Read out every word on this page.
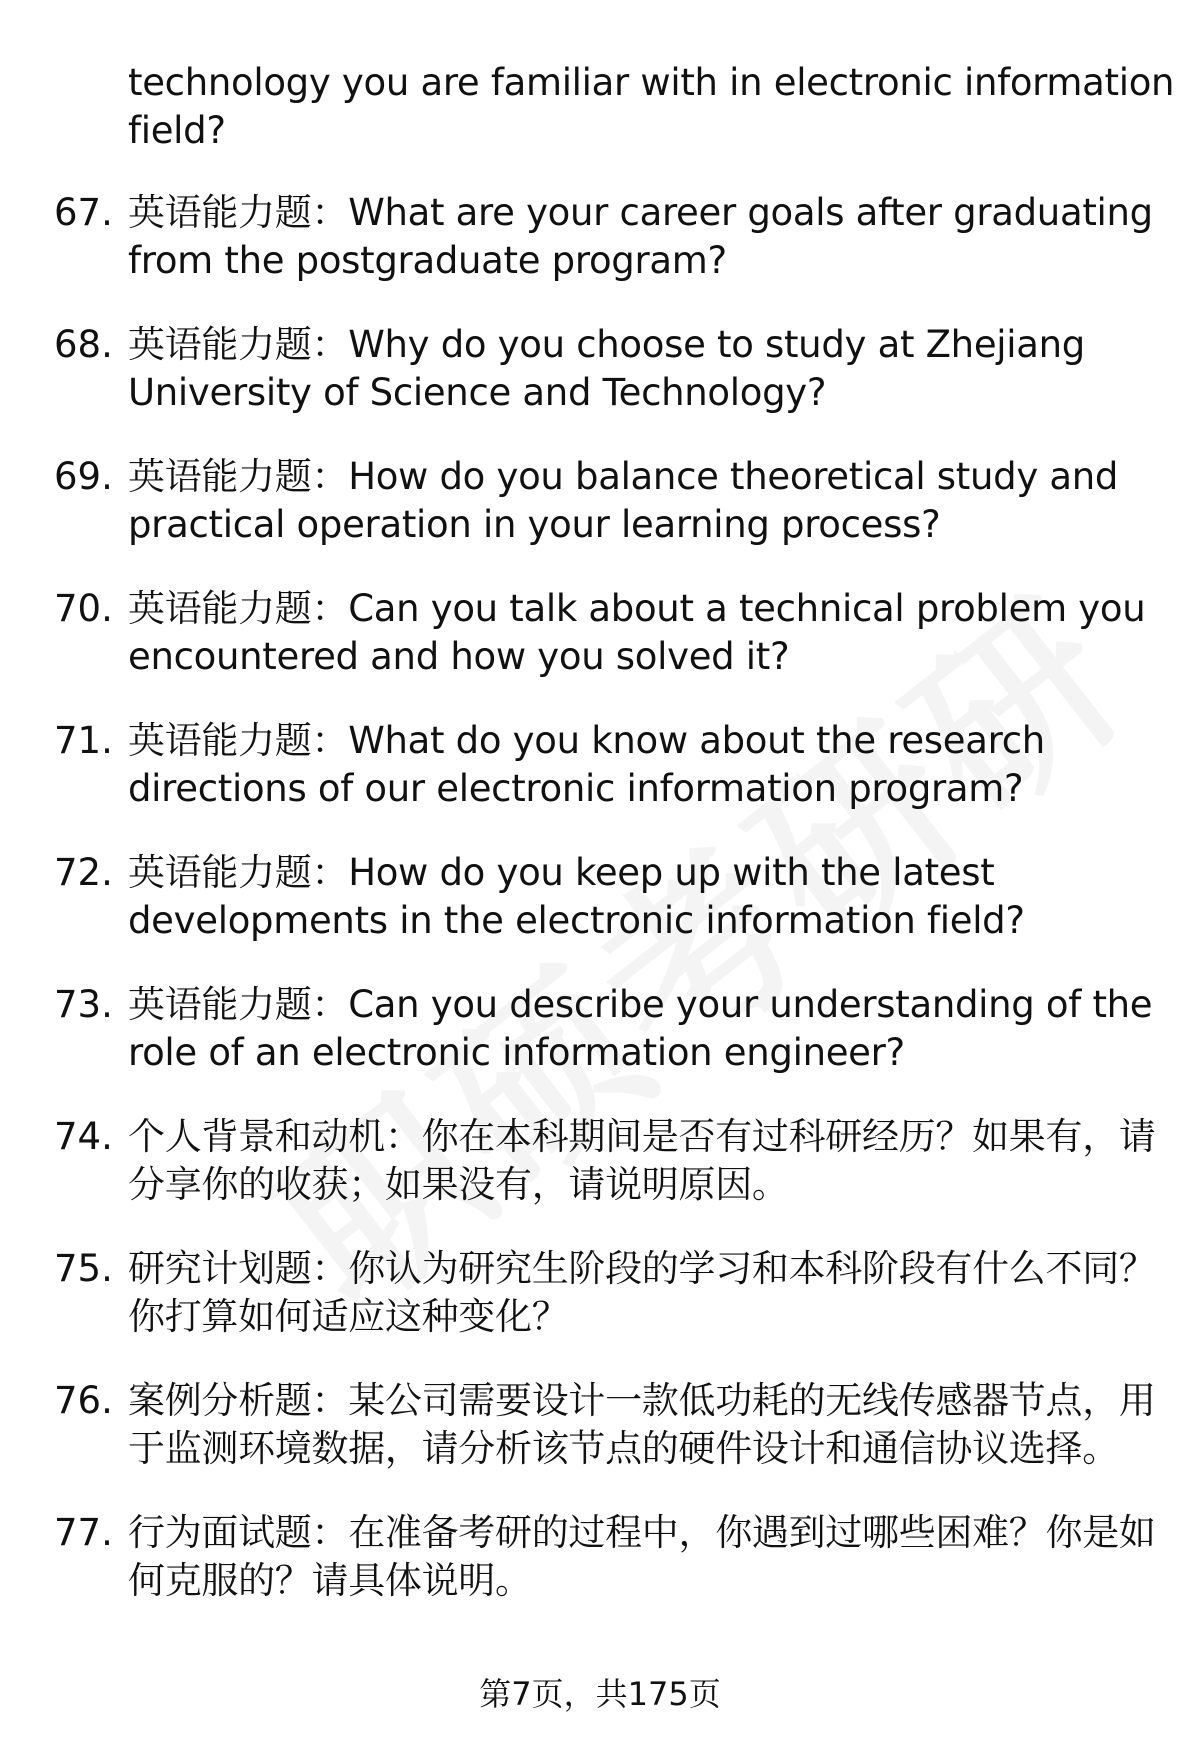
technology you are familiar with in electronic information
field?
67. 英语能力题：What are your career goals after graduating
from the postgraduate program?
68. 英语能力题：Why do you choose to study at Zhejiang
University of Science and Technology?
69. 英语能力题：How do you balance theoretical study and
practical operation in your learning process?
70. 英语能力题：Can you talk about a technical problem you
encountered and how you solved it?
71. 英语能力题：What do you know about the research
directions of our electronic information program?
72. 英语能力题：How do you keep up with the latest
developments in the electronic information field?
73. 英语能力题：Can you describe your understanding of the
role of an electronic information engineer?
74. 个人背景和动机：你在本科期间是否有过科研经历？如果有，请
分享你的收获；如果没有，请说明原因。
75. 研究计划题：你认为研究生阶段的学习和本科阶段有什么不同？
你打算如何适应这种变化？
76. 案例分析题：某公司需要设计一款低功耗的无线传感器节点，用
于监测环境数据，请分析该节点的硬件设计和通信协议选择。
77. 行为面试题：在准备考研的过程中，你遇到过哪些困难？你是如
何克服的？请具体说明。
第7页，共175页
